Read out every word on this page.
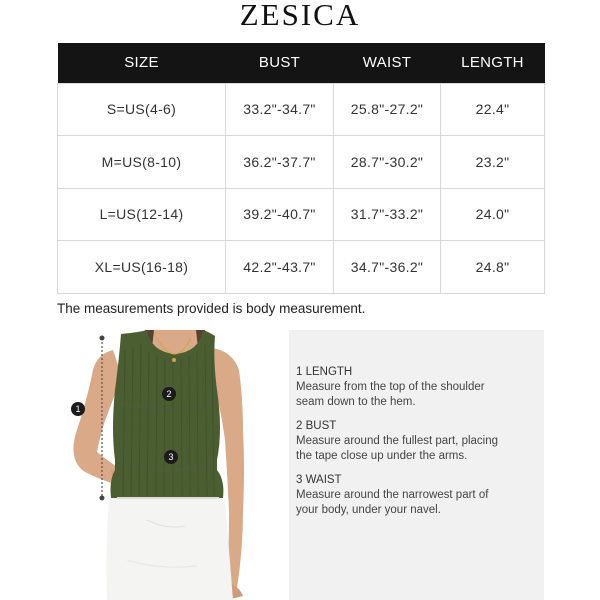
ZESICA
SIZE	BUST	WAIST	LENGTH
S=US(4-6)	33.2"-34.7"	25.8"-27.2"	22.4"
M=US(8-10)	36.2"-37.7"	28.7"-30.2"	23.2"
L=US(12-14)	39.2"-40.7"	31.7"-33.2"	24.0"
XL=US(16-18)	42.2"-43.7"	34.7"-36.2"	24.8"
The measurements provided is body measurement.
1
2
3
1 LENGTH
Measure from the top of the shoulder
seam down to the hem.
2 BUST
Measure around the fullest part, placing
the tape close up under the arms.
3 WAIST
Measure around the narrowest part of
your body, under your navel.
